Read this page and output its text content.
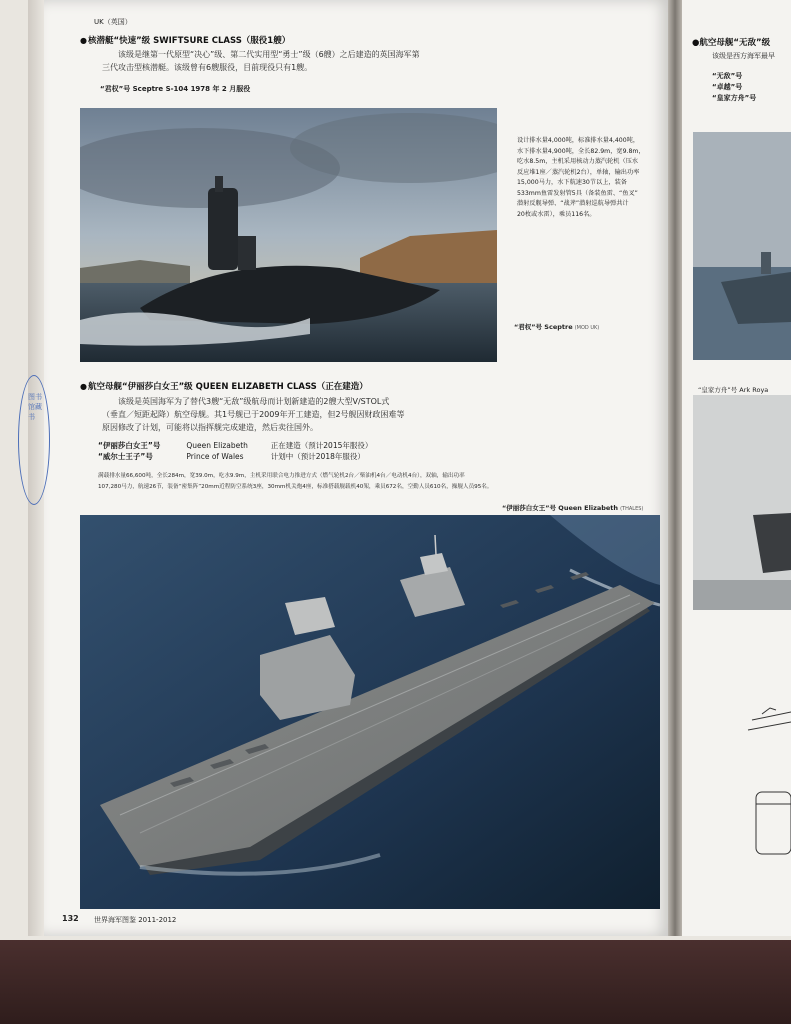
UK（英国）
● 核潜艇“快速”级 SWIFTSURE CLASS（服役1艘）
该级是继第一代原型“决心”级、第二代实用型“勇士”级（6艘）之后建造的英国海军第
三代攻击型核潜艇。该级曾有6艘服役，目前现役只有1艘。
“君权”号 Sceptre S-104 1978 年 2 月服役
设计排水量4,000吨，标准排水量4,400吨，
水下排水量4,900吨，全长82.9m，宽9.8m，
吃水8.5m，主机采用核动力蒸汽轮机（压水
反应堆1座／蒸汽轮机2台），单轴，输出功率
15,000马力，水下航速30节以上，装备
533mm鱼雷发射管5具（备装鱼雷、“鱼叉”
潜射反舰导弹、“战斧”潜射巡航导弹共计
20枚或水雷），乘员116名。
“君权”号 Sceptre (MOD UK)
● 航空母舰“伊丽莎白女王”级 QUEEN ELIZABETH CLASS（正在建造）
该级是英国海军为了替代3艘“无敌”级航母而计划新建造的2艘大型V/STOL式
（垂直／短距起降）航空母舰。其1号舰已于2009年开工建造，但2号舰因财政困难等
原因修改了计划，可能将以指挥舰完成建造，然后卖往国外。
“伊丽莎白女王”号	Queen Elizabeth	正在建造（预计2015年服役）
“威尔士王子”号	Prince of Wales	计划中（预计2018年服役）
满载排水量66,600吨，全长284m，宽39.0m，吃水9.9m，主机采用联合电力推进方式（燃气轮机2台／柴油机4台／电动机4台），双轴，输出功率
107,280马力，航速26节，装备“密集阵”20mm近程防空系统3座，30mm机关炮4座，标准搭载舰载机40架，乘员672名，空勤人员610名，操舰人员95名。
“伊丽莎白女王”号 Queen Elizabeth (THALES)
132 世界海军图鉴 2011-2012
图书馆藏书
●航空母舰“无敌”级
该级是西方海军最早
“无敌”号
“卓越”号
“皇家方舟”号
“皇家方舟”号 Ark Roya
